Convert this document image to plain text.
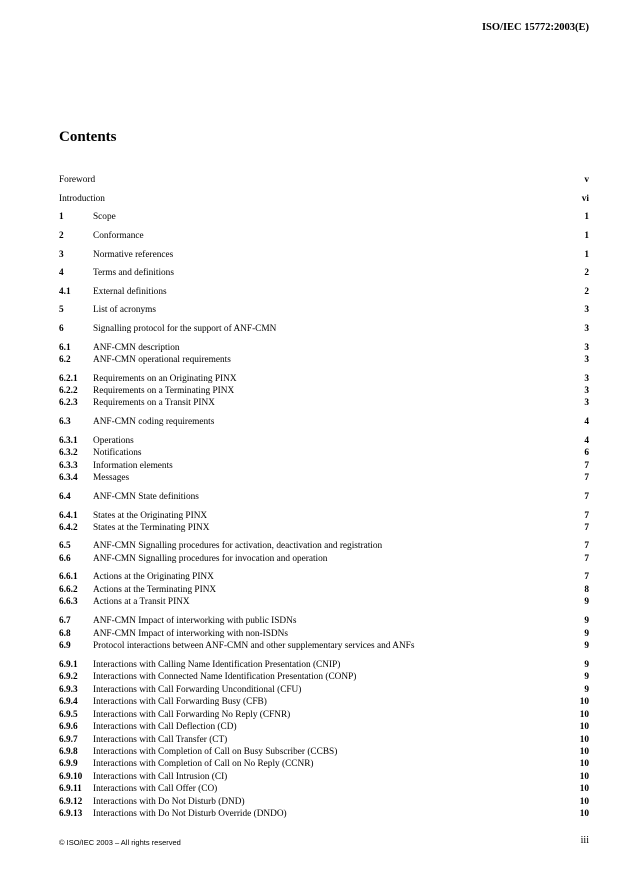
ISO/IEC 15772:2003(E)
Contents
Foreword	v
Introduction	vi
1	Scope	1
2	Conformance	1
3	Normative references	1
4	Terms and definitions	2
4.1 External definitions	2
5	List of acronyms	3
6	Signalling protocol for the support of ANF-CMN	3
6.1 ANF-CMN description	3
6.2 ANF-CMN operational requirements	3
6.2.1 Requirements on an Originating PINX	3
6.2.2 Requirements on a Terminating PINX	3
6.2.3 Requirements on a Transit PINX	3
6.3 ANF-CMN coding requirements	4
6.3.1 Operations	4
6.3.2 Notifications	6
6.3.3 Information elements	7
6.3.4 Messages	7
6.4 ANF-CMN State definitions	7
6.4.1 States at the Originating PINX	7
6.4.2 States at the Terminating PINX	7
6.5 ANF-CMN Signalling procedures for activation, deactivation and registration	7
6.6 ANF-CMN Signalling procedures for invocation and operation	7
6.6.1 Actions at the Originating PINX	7
6.6.2 Actions at the Terminating PINX	8
6.6.3 Actions at a Transit PINX	9
6.7 ANF-CMN Impact of interworking with public ISDNs	9
6.8 ANF-CMN Impact of interworking with non-ISDNs	9
6.9 Protocol interactions between ANF-CMN and other supplementary services and ANFs	9
6.9.1 Interactions with Calling Name Identification Presentation (CNIP)	9
6.9.2 Interactions with Connected Name Identification Presentation (CONP)	9
6.9.3 Interactions with Call Forwarding Unconditional (CFU)	9
6.9.4 Interactions with Call Forwarding Busy (CFB)	10
6.9.5 Interactions with Call Forwarding No Reply (CFNR)	10
6.9.6 Interactions with Call Deflection (CD)	10
6.9.7 Interactions with Call Transfer (CT)	10
6.9.8 Interactions with Completion of Call on Busy Subscriber (CCBS)	10
6.9.9 Interactions with Completion of Call on No Reply (CCNR)	10
6.9.10 Interactions with Call Intrusion (CI)	10
6.9.11 Interactions with Call Offer (CO)	10
6.9.12 Interactions with Do Not Disturb (DND)	10
6.9.13 Interactions with Do Not Disturb Override (DNDO)	10
© ISO/IEC 2003 – All rights reserved	iii
